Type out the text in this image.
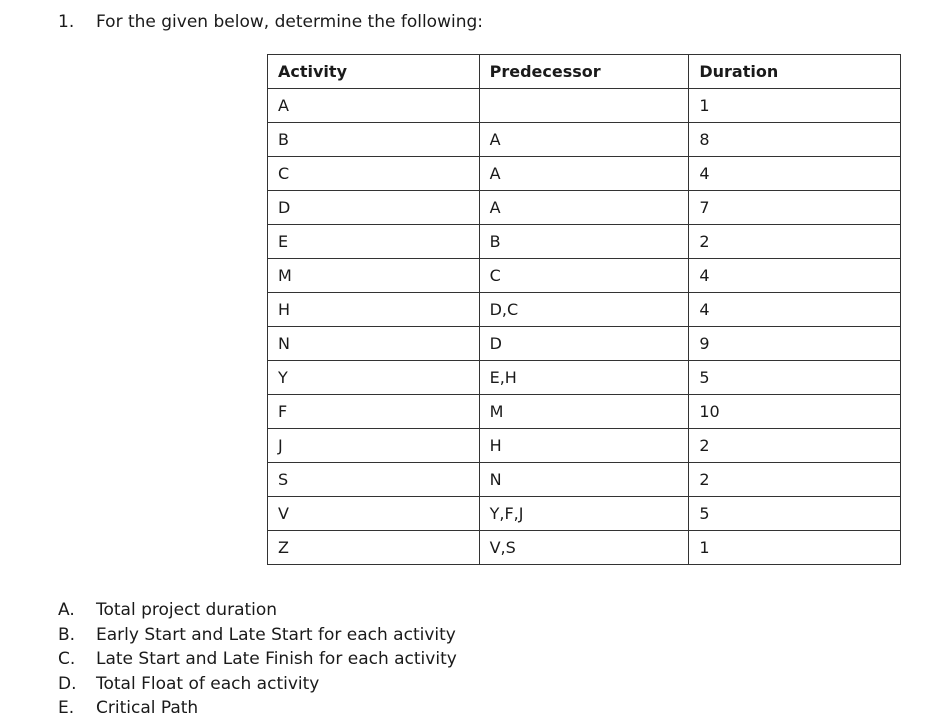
1. For the given below, determine the following:
Activity	Predecessor	Duration
A		1
B	A	8
C	A	4
D	A	7
E	B	2
M	C	4
H	D,C	4
N	D	9
Y	E,H	5
F	M	10
J	H	2
S	N	2
V	Y,F,J	5
Z	V,S	1
A. Total project duration
B. Early Start and Late Start for each activity
C. Late Start and Late Finish for each activity
D. Total Float of each activity
E. Critical Path
